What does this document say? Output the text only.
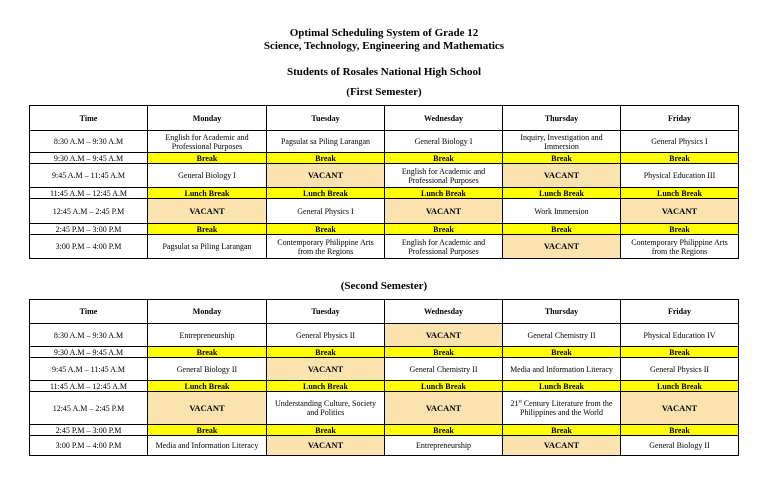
Optimal Scheduling System of Grade 12
Science, Technology, Engineering and Mathematics
Students of Rosales National High School
(First Semester)
Time	Monday	Tuesday	Wednesday	Thursday	Friday
8:30 A.M – 9:30 A.M	English for Academic and Professional Purposes	Pagsulat sa Piling Larangan	General Biology I	Inquiry, Investigation and Immersion	General Physics I
9:30 A.M – 9:45 A.M	Break	Break	Break	Break	Break
9:45 A.M – 11:45 A.M	General Biology I	VACANT	English for Academic and Professional Purposes	VACANT	Physical Education III
11:45 A.M – 12:45 A.M	Lunch Break	Lunch Break	Lunch Break	Lunch Break	Lunch Break
12:45 A.M – 2:45 P.M	VACANT	General Physics I	VACANT	Work Immersion	VACANT
2:45 P.M – 3:00 P.M	Break	Break	Break	Break	Break
3:00 P.M – 4:00 P.M	Pagsulat sa Piling Larangan	Contemporary Philippine Arts from the Regions	English for Academic and Professional Purposes	VACANT	Contemporary Philippine Arts from the Regions
(Second Semester)
Time	Monday	Tuesday	Wednesday	Thursday	Friday
8:30 A.M – 9:30 A.M	Entrepreneurship	General Physics II	VACANT	General Chemistry II	Physical Education IV
9:30 A.M – 9:45 A.M	Break	Break	Break	Break	Break
9:45 A.M – 11:45 A.M	General Biology II	VACANT	General Chemistry II	Media and Information Literacy	General Physics II
11:45 A.M – 12:45 A.M	Lunch Break	Lunch Break	Lunch Break	Lunch Break	Lunch Break
12:45 A.M – 2:45 P.M	VACANT	Understanding Culture, Society and Politics	VACANT	21st Century Literature from the Philippines and the World	VACANT
2:45 P.M – 3:00 P.M	Break	Break	Break	Break	Break
3:00 P.M – 4:00 P.M	Media and Information Literacy	VACANT	Entrepreneurship	VACANT	General Biology II
